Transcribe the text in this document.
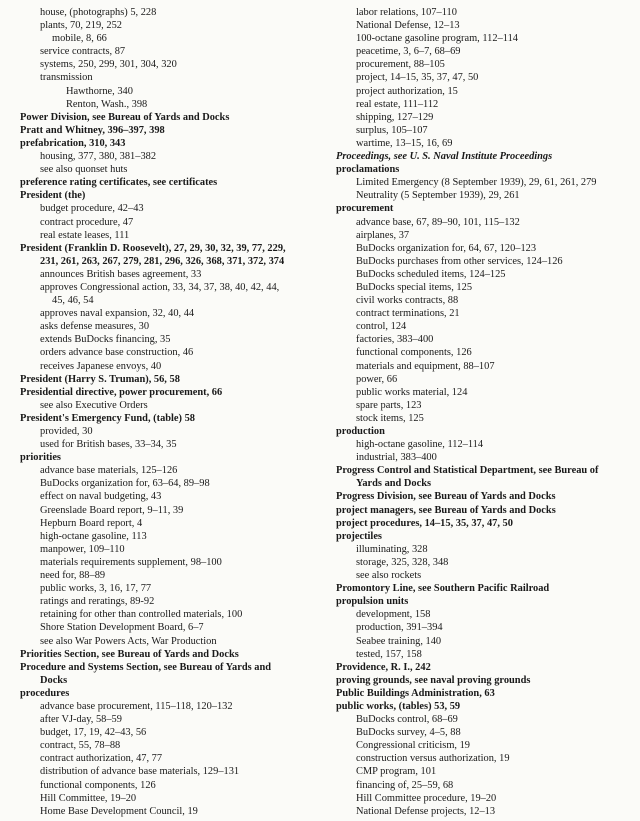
house, (photographs) 5, 228
plants, 70, 219, 252
mobile, 8, 66
service contracts, 87
systems, 250, 299, 301, 304, 320
transmission
Hawthorne, 340
Renton, Wash., 398
Power Division, see Bureau of Yards and Docks
Pratt and Whitney, 396–397, 398
prefabrication, 310, 343
housing, 377, 380, 381–382
see also quonset huts
preference rating certificates, see certificates
President (the)
budget procedure, 42–43
contract procedure, 47
real estate leases, 111
President (Franklin D. Roosevelt), 27, 29, 30, 32, 39, 77, 229,
231, 261, 263, 267, 279, 281, 296, 326, 368, 371, 372, 374
announces British bases agreement, 33
approves Congressional action, 33, 34, 37, 38, 40, 42, 44,
45, 46, 54
approves naval expansion, 32, 40, 44
asks defense measures, 30
extends BuDocks financing, 35
orders advance base construction, 46
receives Japanese envoys, 40
President (Harry S. Truman), 56, 58
Presidential directive, power procurement, 66
see also Executive Orders
President's Emergency Fund, (table) 58
provided, 30
used for British bases, 33–34, 35
priorities
advance base materials, 125–126
BuDocks organization for, 63–64, 89–98
effect on naval budgeting, 43
Greenslade Board report, 9–11, 39
Hepburn Board report, 4
high-octane gasoline, 113
manpower, 109–110
materials requirements supplement, 98–100
need for, 88–89
public works, 3, 16, 17, 77
ratings and reratings, 89-92
retaining for other than controlled materials, 100
Shore Station Development Board, 6–7
see also War Powers Acts, War Production
Priorities Section, see Bureau of Yards and Docks
Procedure and Systems Section, see Bureau of Yards and
Docks
procedures
advance base procurement, 115–118, 120–132
after VJ-day, 58–59
budget, 17, 19, 42–43, 56
contract, 55, 78–88
contract authorization, 47, 77
distribution of advance base materials, 129–131
functional components, 126
Hill Committee, 19–20
Home Base Development Council, 19
labor relations, 107–110
National Defense, 12–13
100-octane gasoline program, 112–114
peacetime, 3, 6–7, 68–69
procurement, 88–105
project, 14–15, 35, 37, 47, 50
project authorization, 15
real estate, 111–112
shipping, 127–129
surplus, 105–107
wartime, 13–15, 16, 69
Proceedings, see U. S. Naval Institute Proceedings
proclamations
Limited Emergency (8 September 1939), 29, 61, 261, 279
Neutrality (5 September 1939), 29, 261
procurement
advance base, 67, 89–90, 101, 115–132
airplanes, 37
BuDocks organization for, 64, 67, 120–123
BuDocks purchases from other services, 124–126
BuDocks scheduled items, 124–125
BuDocks special items, 125
civil works contracts, 88
contract terminations, 21
control, 124
factories, 383–400
functional components, 126
materials and equipment, 88–107
power, 66
public works material, 124
spare parts, 123
stock items, 125
production
high-octane gasoline, 112–114
industrial, 383–400
Progress Control and Statistical Department, see Bureau of
Yards and Docks
Progress Division, see Bureau of Yards and Docks
project managers, see Bureau of Yards and Docks
project procedures, 14–15, 35, 37, 47, 50
projectiles
illuminating, 328
storage, 325, 328, 348
see also rockets
Promontory Line, see Southern Pacific Railroad
propulsion units
development, 158
production, 391–394
Seabee training, 140
tested, 157, 158
Providence, R. I., 242
proving grounds, see naval proving grounds
Public Buildings Administration, 63
public works, (tables) 53, 59
BuDocks control, 68–69
BuDocks survey, 4–5, 88
Congressional criticism, 19
construction versus authorization, 19
CMP program, 101
financing of, 25–59, 68
Hill Committee procedure, 19–20
National Defense projects, 12–13
